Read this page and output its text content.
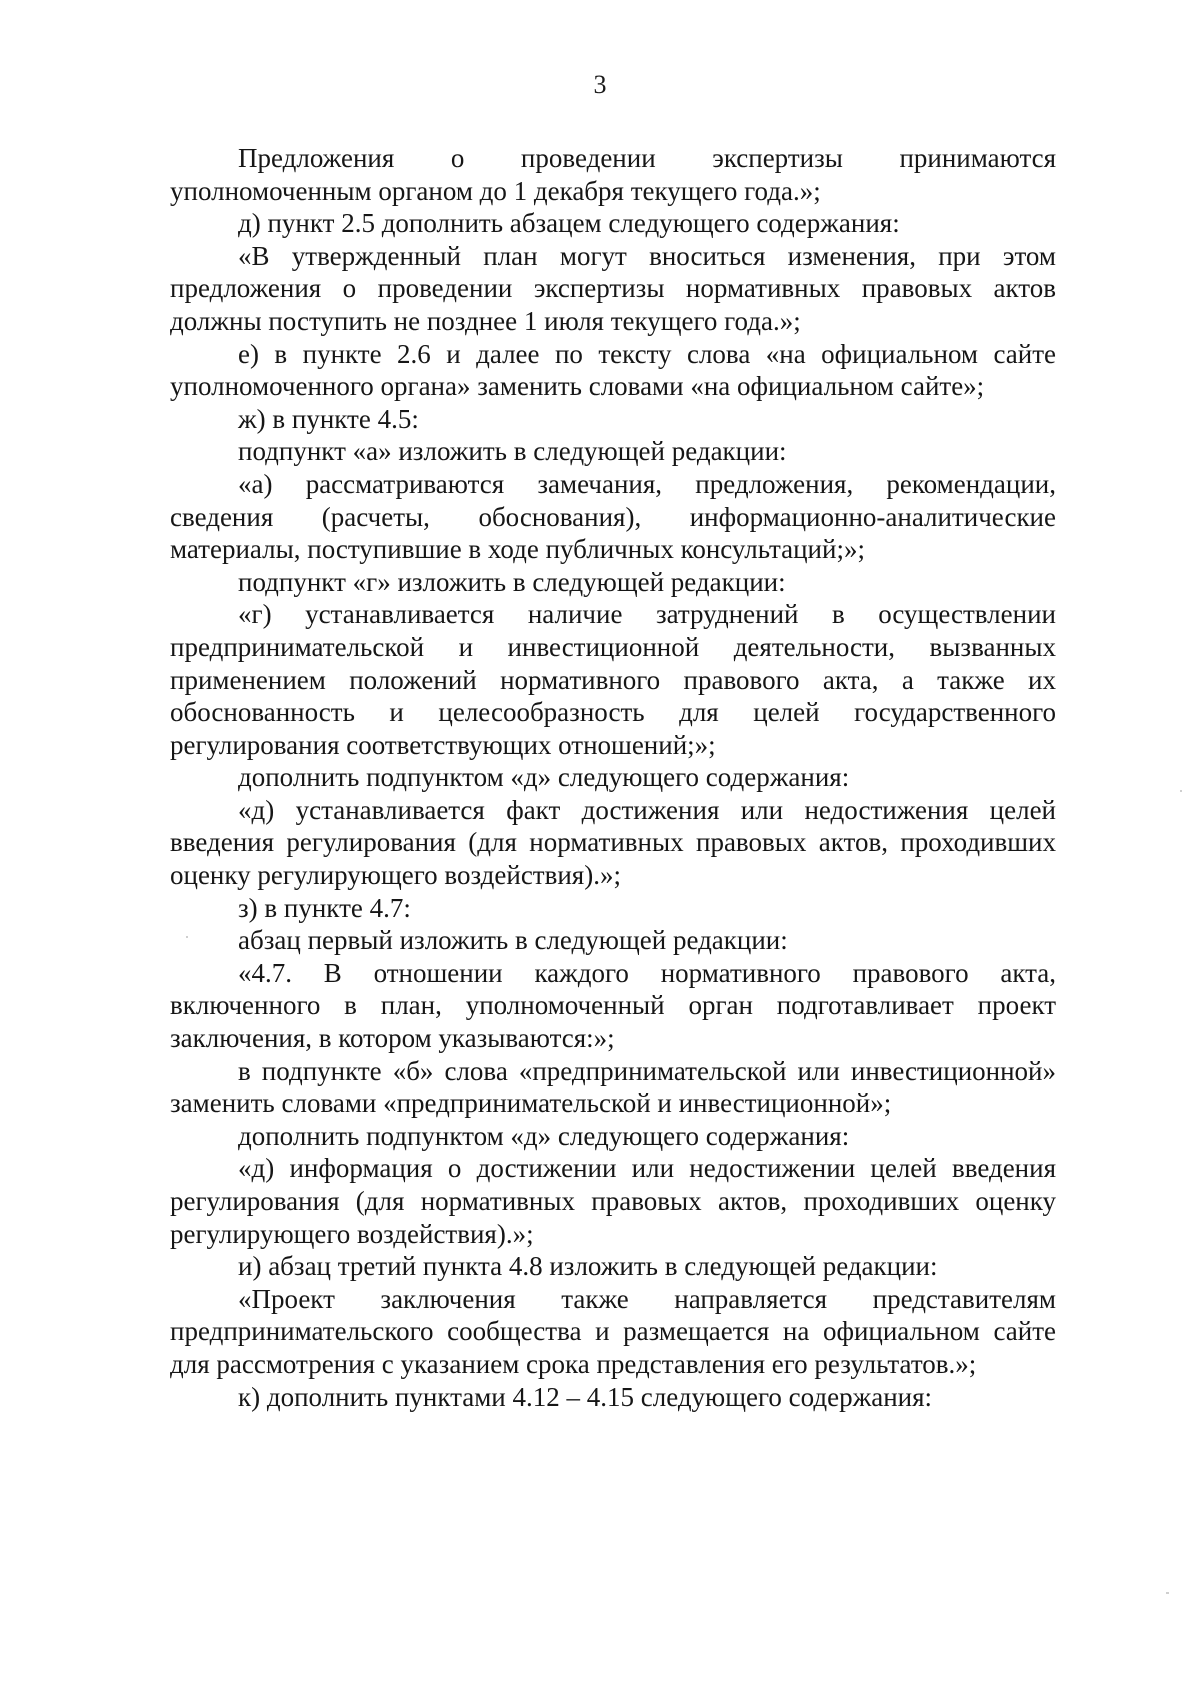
3

Предложения о проведении экспертизы принимаются уполномоченным органом до 1 декабря текущего года.»;

д) пункт 2.5 дополнить абзацем следующего содержания:

«В утвержденный план могут вноситься изменения, при этом предложения о проведении экспертизы нормативных правовых актов должны поступить не позднее 1 июля текущего года.»;

е) в пункте 2.6 и далее по тексту слова «на официальном сайте уполномоченного органа» заменить словами «на официальном сайте»;

ж) в пункте 4.5:

подпункт «а» изложить в следующей редакции:

«а) рассматриваются замечания, предложения, рекомендации, сведения (расчеты, обоснования), информационно-аналитические материалы, поступившие в ходе публичных консультаций;»;

подпункт «г» изложить в следующей редакции:

«г) устанавливается наличие затруднений в осуществлении предпринимательской и инвестиционной деятельности, вызванных применением положений нормативного правового акта, а также их обоснованность и целесообразность для целей государственного регулирования соответствующих отношений;»;

дополнить подпунктом «д» следующего содержания:

«д) устанавливается факт достижения или недостижения целей введения регулирования (для нормативных правовых актов, проходивших оценку регулирующего воздействия).»;

з) в пункте 4.7:

абзац первый изложить в следующей редакции:

«4.7. В отношении каждого нормативного правового акта, включенного в план, уполномоченный орган подготавливает проект заключения, в котором указываются:»;

в подпункте «б» слова «предпринимательской или инвестиционной» заменить словами «предпринимательской и инвестиционной»;

дополнить подпунктом «д» следующего содержания:

«д) информация о достижении или недостижении целей введения регулирования (для нормативных правовых актов, проходивших оценку регулирующего воздействия).»;

и) абзац третий пункта 4.8 изложить в следующей редакции:

«Проект заключения также направляется представителям предпринимательского сообщества и размещается на официальном сайте для рассмотрения с указанием срока представления его результатов.»;

к) дополнить пунктами 4.12 – 4.15 следующего содержания:
